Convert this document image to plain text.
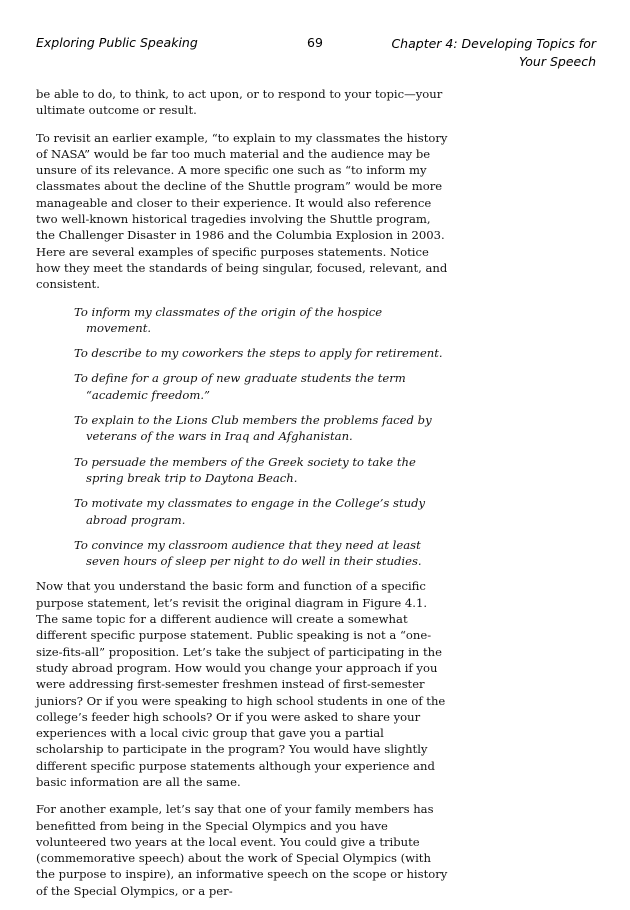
Exploring Public Speaking	69	Chapter 4: Developing Topics for Your Speech

be able to do, to think, to act upon, or to respond to your topic—your ultimate outcome or result.

To revisit an earlier example, “to explain to my classmates the history of NASA” would be far too much material and the audience may be unsure of its relevance. A more specific one such as “to inform my classmates about the decline of the Shuttle program” would be more manageable and closer to their experience. It would also reference two well-known historical tragedies involving the Shuttle program, the Challenger Disaster in 1986 and the Columbia Explosion in 2003. Here are several examples of specific purposes statements. Notice how they meet the standards of being singular, focused, relevant, and consistent.

To inform my classmates of the origin of the hospice movement.
To describe to my coworkers the steps to apply for retirement.
To define for a group of new graduate students the term “academic freedom.”
To explain to the Lions Club members the problems faced by veterans of the wars in Iraq and Afghanistan.
To persuade the members of the Greek society to take the spring break trip to Daytona Beach.
To motivate my classmates to engage in the College’s study abroad program.
To convince my classroom audience that they need at least seven hours of sleep per night to do well in their studies.

Now that you understand the basic form and function of a specific purpose statement, let’s revisit the original diagram in Figure 4.1. The same topic for a different audience will create a somewhat different specific purpose statement. Public speaking is not a “one-size-fits-all” proposition. Let’s take the subject of participating in the study abroad program. How would you change your approach if you were addressing first-semester freshmen instead of first-semester juniors? Or if you were speaking to high school students in one of the college’s feeder high schools? Or if you were asked to share your experiences with a local civic group that gave you a partial scholarship to participate in the program? You would have slightly different specific purpose statements although your experience and basic information are all the same.

For another example, let’s say that one of your family members has benefitted from being in the Special Olympics and you have volunteered two years at the local event. You could give a tribute (commemorative speech) about the work of Special Olympics (with the purpose to inspire), an informative speech on the scope or history of the Special Olympics, or a per-
